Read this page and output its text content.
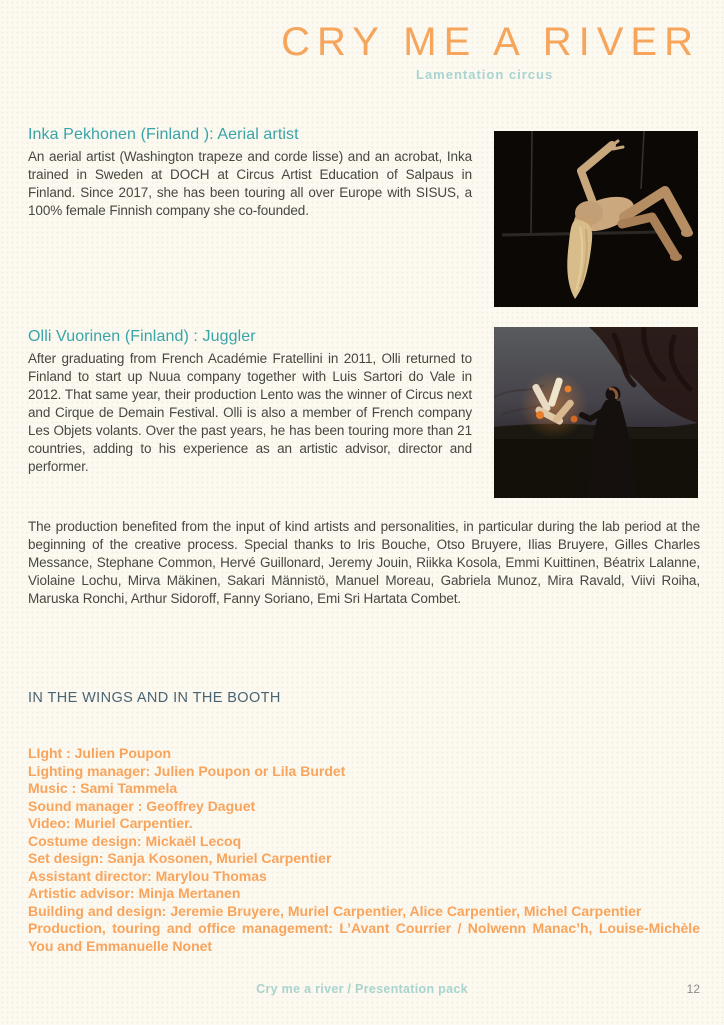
CRY ME A RIVER
Lamentation circus
Inka Pekhonen (Finland ): Aerial artist
An aerial artist (Washington trapeze and corde lisse) and an acrobat, Inka trained in Sweden at DOCH at Circus Artist Education of Salpaus in Finland. Since 2017, she has been touring all over Europe with SISUS, a 100% female Finnish company she co-founded.
Olli Vuorinen (Finland) : Juggler
After graduating from French Académie Fratellini in 2011, Olli returned to Finland to start up Nuua company together with Luis Sartori do Vale in 2012. That same year, their production Lento was the winner of Circus next and Cirque de Demain Festival. Olli is also a member of French company Les Objets volants. Over the past years, he has been touring more than 21 countries, adding to his experience as an artistic advisor, director and performer.
The production benefited from the input of kind artists and personalities, in particular during the lab period at the beginning of the creative process. Special thanks to Iris Bouche, Otso Bruyere, Ilias Bruyere, Gilles Charles Messance, Stephane Common, Hervé Guillonard, Jeremy Jouin, Riikka Kosola, Emmi Kuittinen, Béatrix Lalanne, Violaine Lochu, Mirva Mäkinen, Sakari Männistö, Manuel Moreau, Gabriela Munoz, Mira Ravald, Viivi Roiha, Maruska Ronchi, Arthur Sidoroff, Fanny Soriano, Emi Sri Hartata Combet.
IN THE WINGS AND IN THE BOOTH
LIght : Julien Poupon
Lighting manager: Julien Poupon or Lila Burdet
Music : Sami Tammela
Sound manager : Geoffrey Daguet
Video: Muriel Carpentier.
Costume design: Mickaël Lecoq
Set design: Sanja Kosonen, Muriel Carpentier
Assistant director: Marylou Thomas
Artistic advisor: Minja Mertanen
Building and design: Jeremie Bruyere, Muriel Carpentier, Alice Carpentier, Michel Carpentier
Production, touring and office management: L’Avant Courrier / Nolwenn Manac’h, Louise-Michèle You and Emmanuelle Nonet
Cry me a river / Presentation pack	12
